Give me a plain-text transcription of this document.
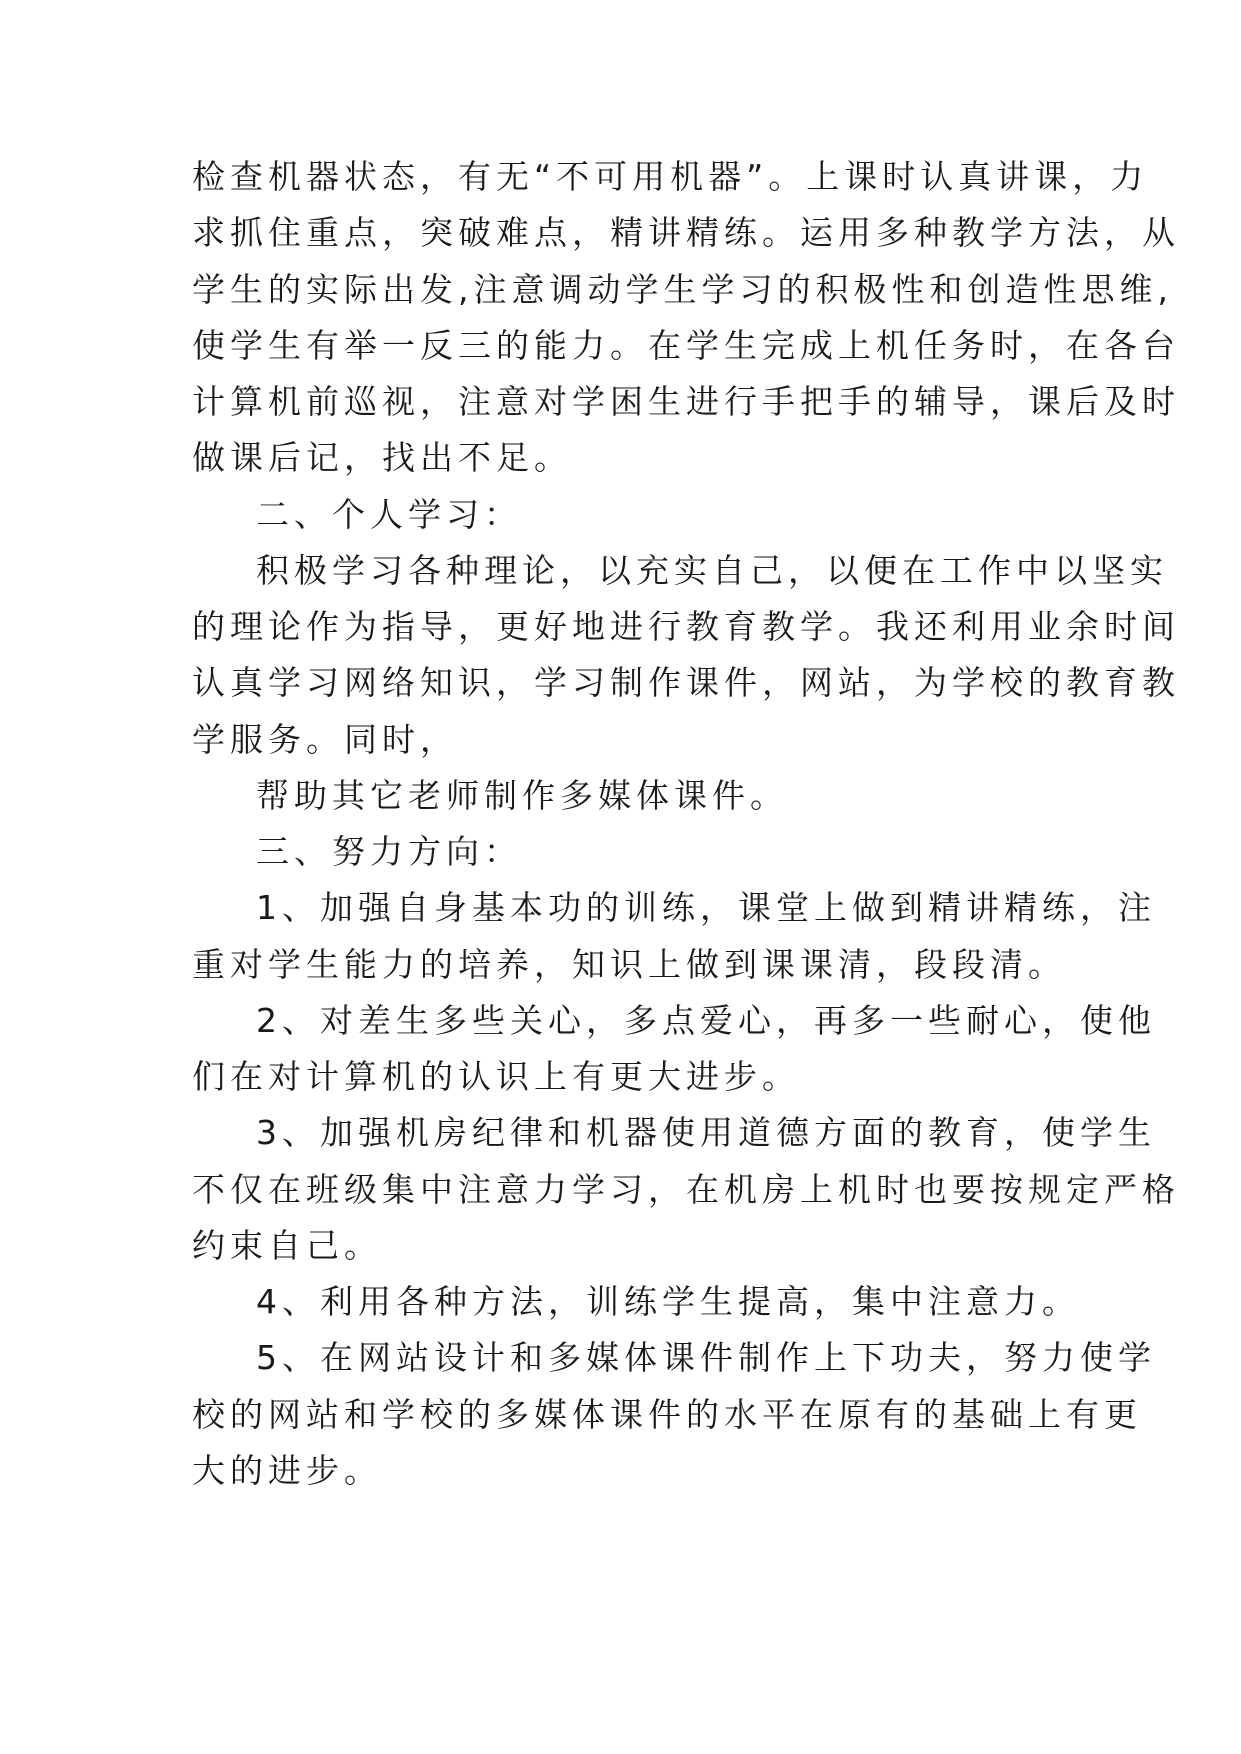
检查机器状态，有无“不可用机器”。上课时认真讲课，力

求抓住重点，突破难点，精讲精练。运用多种教学方法，从

学生的实际出发,注意调动学生学习的积极性和创造性思维,

使学生有举一反三的能力。在学生完成上机任务时，在各台

计算机前巡视，注意对学困生进行手把手的辅导，课后及时

做课后记，找出不足。

二、个人学习：

积极学习各种理论，以充实自己，以便在工作中以坚实

的理论作为指导，更好地进行教育教学。我还利用业余时间

认真学习网络知识，学习制作课件，网站，为学校的教育教

学服务。同时，

帮助其它老师制作多媒体课件。

三、努力方向：

1、加强自身基本功的训练，课堂上做到精讲精练，注

重对学生能力的培养，知识上做到课课清，段段清。

2、对差生多些关心，多点爱心，再多一些耐心，使他

们在对计算机的认识上有更大进步。

3、加强机房纪律和机器使用道德方面的教育，使学生

不仅在班级集中注意力学习，在机房上机时也要按规定严格

约束自己。

4、利用各种方法，训练学生提高，集中注意力。

5、在网站设计和多媒体课件制作上下功夫，努力使学

校的网站和学校的多媒体课件的水平在原有的基础上有更

大的进步。
